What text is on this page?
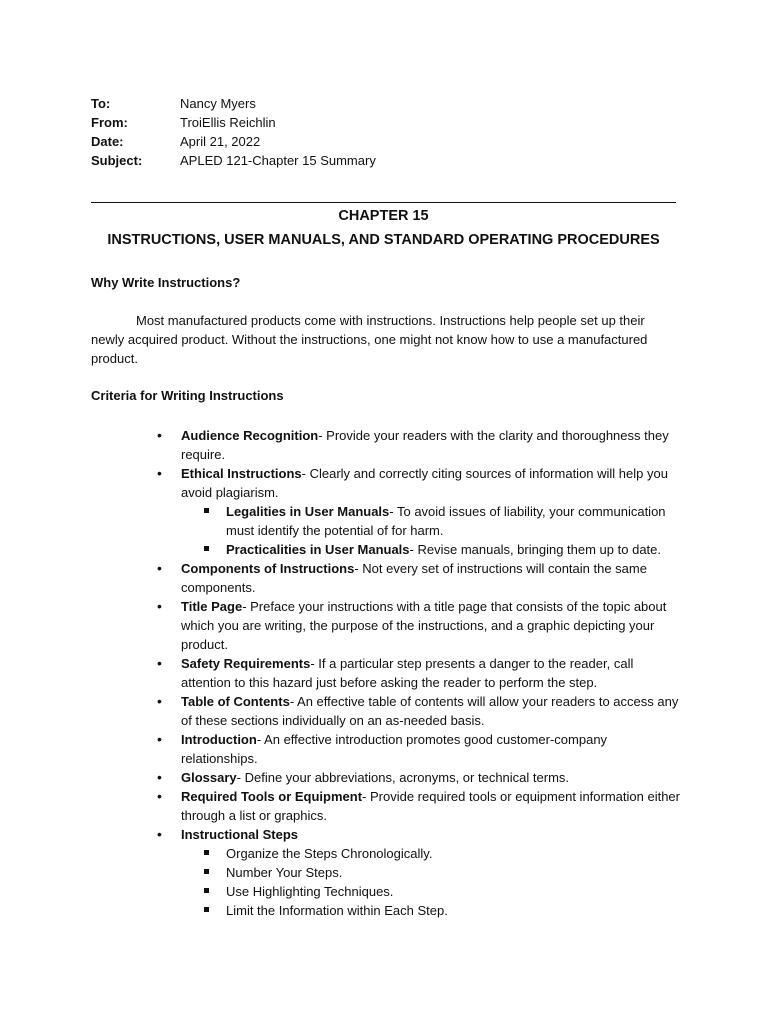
To:	Nancy Myers
From:	TroiEllis Reichlin
Date:	April 21, 2022
Subject:	APLED 121-Chapter 15 Summary
CHAPTER 15
INSTRUCTIONS, USER MANUALS, AND STANDARD OPERATING PROCEDURES
Why Write Instructions?
Most manufactured products come with instructions. Instructions help people set up their newly acquired product. Without the instructions, one might not know how to use a manufactured product.
Criteria for Writing Instructions
• Audience Recognition- Provide your readers with the clarity and thoroughness they require.
• Ethical Instructions- Clearly and correctly citing sources of information will help you avoid plagiarism.
Legalities in User Manuals- To avoid issues of liability, your communication must identify the potential of for harm.
Practicalities in User Manuals- Revise manuals, bringing them up to date.
• Components of Instructions- Not every set of instructions will contain the same components.
• Title Page- Preface your instructions with a title page that consists of the topic about which you are writing, the purpose of the instructions, and a graphic depicting your product.
• Safety Requirements- If a particular step presents a danger to the reader, call attention to this hazard just before asking the reader to perform the step.
• Table of Contents- An effective table of contents will allow your readers to access any of these sections individually on an as-needed basis.
• Introduction- An effective introduction promotes good customer-company relationships.
• Glossary- Define your abbreviations, acronyms, or technical terms.
• Required Tools or Equipment- Provide required tools or equipment information either through a list or graphics.
• Instructional Steps
Organize the Steps Chronologically.
Number Your Steps.
Use Highlighting Techniques.
Limit the Information within Each Step.
